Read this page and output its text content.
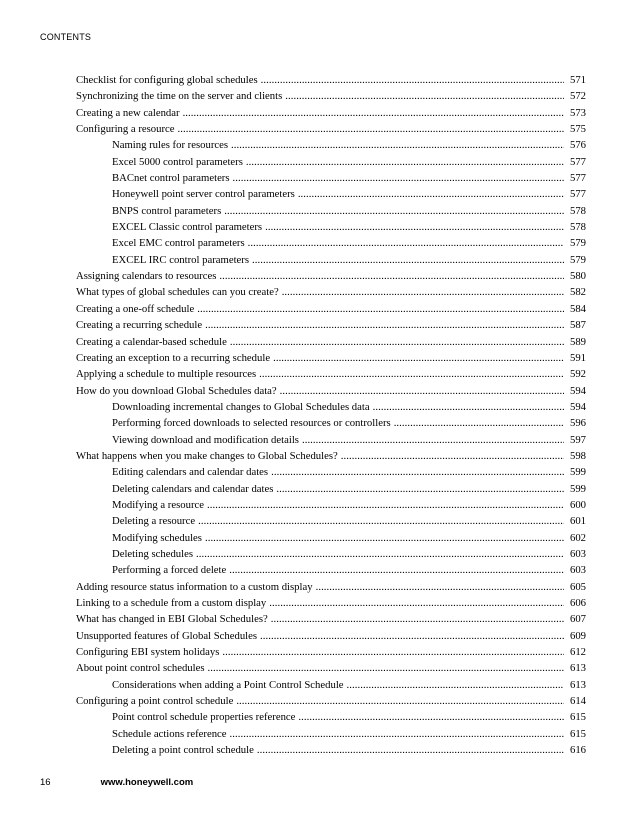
CONTENTS
Checklist for configuring global schedules . . .	571
Synchronizing the time on the server and clients . . .	572
Creating a new calendar . . .	573
Configuring a resource . . .	575
Naming rules for resources . . .	576
Excel 5000 control parameters . . .	577
BACnet control parameters . . .	577
Honeywell point server control parameters . . .	577
BNPS control parameters . . .	578
EXCEL Classic control parameters . . .	578
Excel EMC control parameters . . .	579
EXCEL IRC control parameters . . .	579
Assigning calendars to resources . . .	580
What types of global schedules can you create? . . .	582
Creating a one-off schedule . . .	584
Creating a recurring schedule . . .	587
Creating a calendar-based schedule . . .	589
Creating an exception to a recurring schedule . . .	591
Applying a schedule to multiple resources . . .	592
How do you download Global Schedules data? . . .	594
Downloading incremental changes to Global Schedules data . . .	594
Performing forced downloads to selected resources or controllers . . .	596
Viewing download and modification details . . .	597
What happens when you make changes to Global Schedules? . . .	598
Editing calendars and calendar dates . . .	599
Deleting calendars and calendar dates . . .	599
Modifying a resource . . .	600
Deleting a resource . . .	601
Modifying schedules . . .	602
Deleting schedules . . .	603
Performing a forced delete . . .	603
Adding resource status information to a custom display . . .	605
Linking to a schedule from a custom display . . .	606
What has changed in EBI Global Schedules? . . .	607
Unsupported features of Global Schedules . . .	609
Configuring EBI system holidays . . .	612
About point control schedules . . .	613
Considerations when adding a Point Control Schedule . . .	613
Configuring a point control schedule . . .	614
Point control schedule properties reference . . .	615
Schedule actions reference . . .	615
Deleting a point control schedule . . .	616
16	www.honeywell.com
